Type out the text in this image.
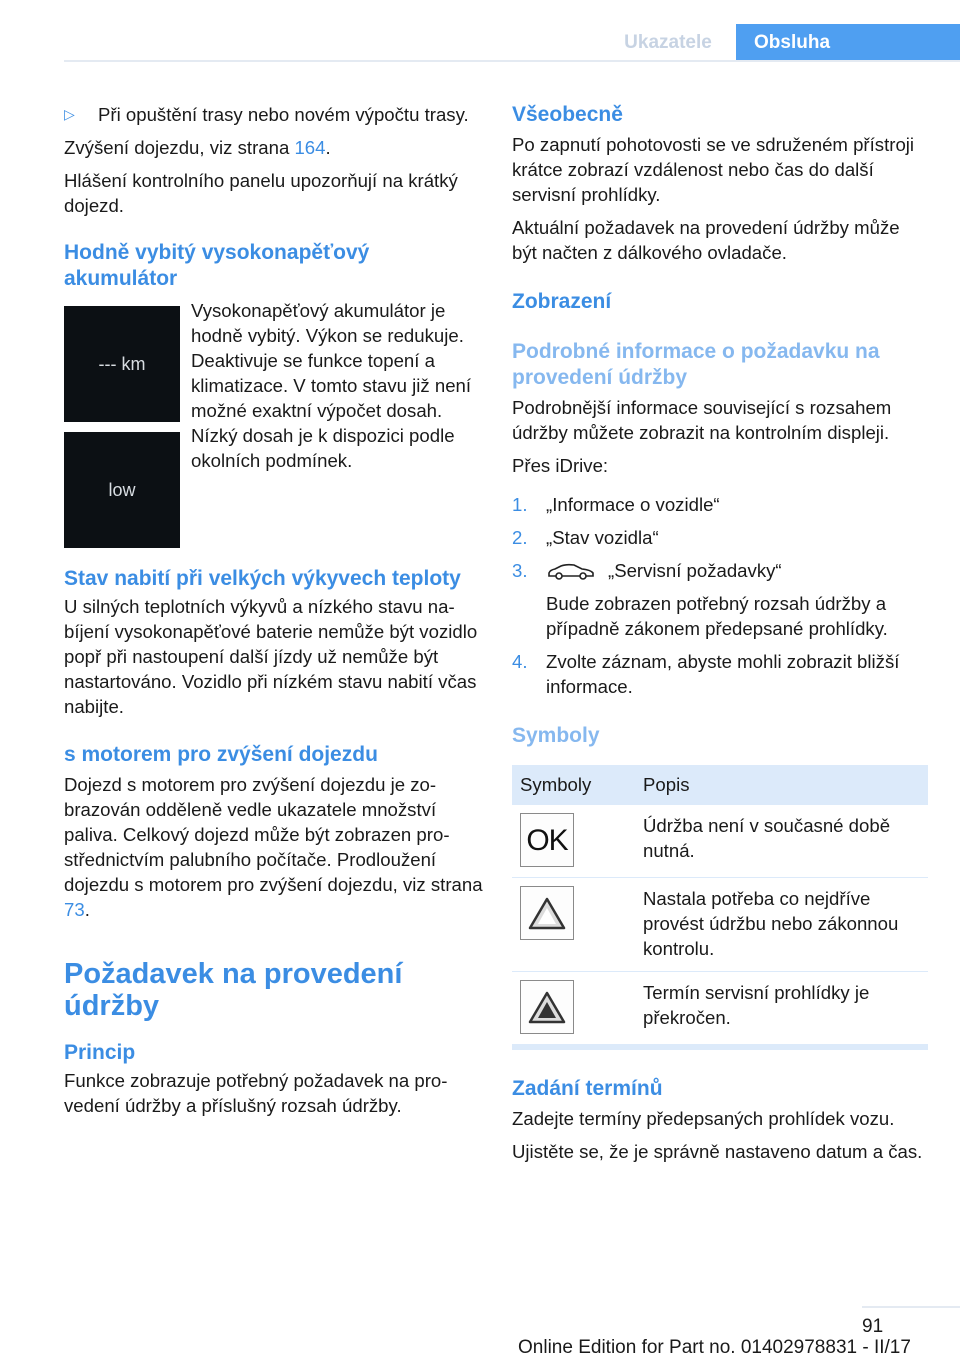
Ukazatele	Obsluha
▷	Při opuštění trasy nebo novém výpočtu trasy.

Zvýšení dojezdu, viz strana 164.

Hlášení kontrolního panelu upozorňují na krátký dojezd.

Hodně vybitý vysokonapěťový akumulátor
--- km
low

Vysokonapěťový akumulátor je hodně vybitý. Výkon se redukuje. Deaktivuje se funkce topení a klimatizace. V tomto stavu již není možné exaktní výpočet dosah. Nízký dosah je k dispozici podle okolních podmínek.

Stav nabití při velkých výkyvech teploty

U silných teplotních výkyvů a nízkého stavu nabíjení vysokonapěťové baterie nemůže být vozidlo popř při nastoupení další jízdy už nemůže být nastartováno. Vozidlo při nízkém stavu nabití včas nabijte.

s motorem pro zvýšení dojezdu

Dojezd s motorem pro zvýšení dojezdu je zobrazován odděleně vedle ukazatele množství paliva. Celkový dojezd může být zobrazen prostřednictvím palubního počítače. Prodloužení dojezdu s motorem pro zvýšení dojezdu, viz strana 73.

Požadavek na provedení údržby
Princip

Funkce zobrazuje potřebný požadavek na provedení údržby a příslušný rozsah údržby.

Všeobecně

Po zapnutí pohotovosti se ve sdruženém přístroji krátce zobrazí vzdálenost nebo čas do další servisní prohlídky.

Aktuální požadavek na provedení údržby může být načten z dálkového ovladače.

Zobrazení
Podrobné informace o požadavku na provedení údržby

Podrobnější informace související s rozsahem údržby můžete zobrazit na kontrolním displeji.

Přes iDrive:

1. „Informace o vozidle“

2. „Stav vozidla“

3.	„Servisní požadavky“

Bude zobrazen potřebný rozsah údržby a případně zákonem předepsané prohlídky.

4. Zvolte záznam, abyste mohli zobrazit bližší informace.

Symboly
Symboly	Popis

OK	Údržba není v současné době nutná.

	Nastala potřeba co nejdříve provést údržbu nebo zákonnou kontrolu.

	Termín servisní prohlídky je překročen.
Zadání termínů

Zadejte termíny předepsaných prohlídek vozu.

Ujistěte se, že je správně nastaveno datum a čas.

91
Online Edition for Part no. 01402978831 - II/17
